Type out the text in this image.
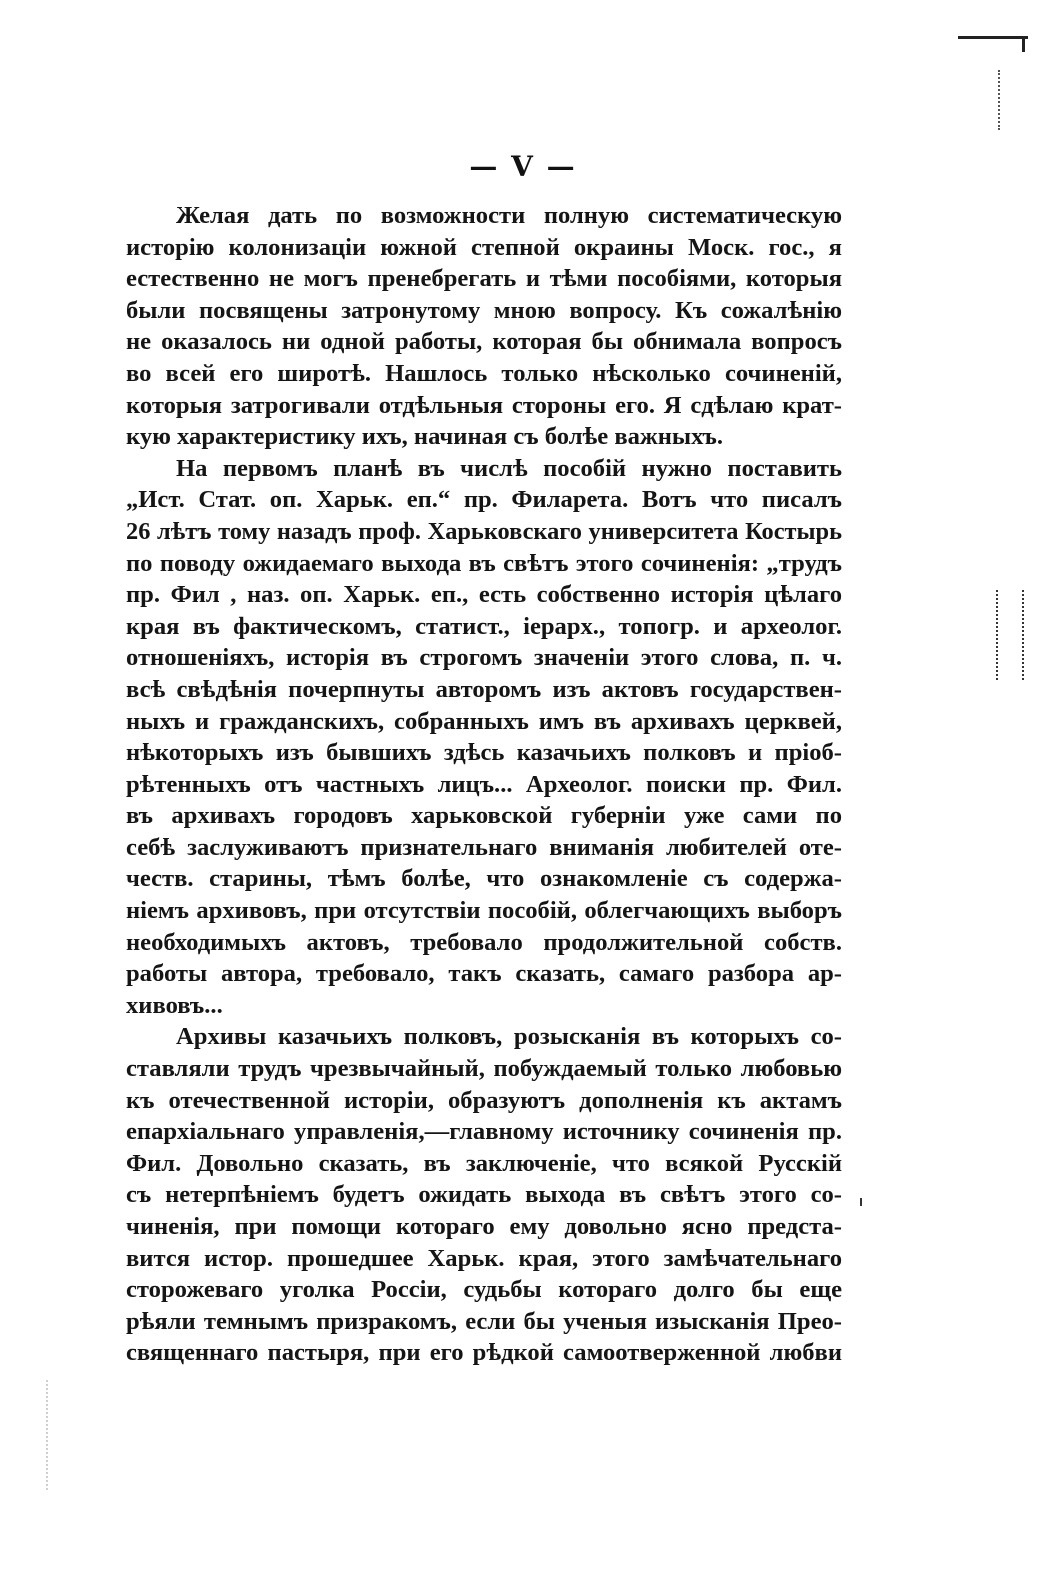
— V —
Желая дать по возможности полную систематическую
исторію колонизаціи южной степной окраины Моск. гос., я
естественно не могъ пренебрегать и тѣми пособіями, которыя
были посвящены затронутому мною вопросу. Къ сожалѣнію
не оказалось ни одной работы, которая бы обнимала вопросъ
во всей его широтѣ. Нашлось только нѣсколько сочиненій,
которыя затрогивали отдѣльныя стороны его. Я сдѣлаю крат-
кую характеристику ихъ, начиная съ болѣе важныхъ.
На первомъ планѣ въ числѣ пособій нужно поставить
„Ист. Стат. оп. Харьк. еп.“ пр. Филарета. Вотъ что писалъ
26 лѣтъ тому назадъ проф. Харьковскаго университета Костырь
по поводу ожидаемаго выхода въ свѣтъ этого сочиненія: „трудъ
пр. Фил , наз. оп. Харьк. еп., есть собственно исторія цѣлаго
края въ фактическомъ, статист., іерарх., топогр. и археолог.
отношеніяхъ, исторія въ строгомъ значеніи этого слова, п. ч.
всѣ свѣдѣнія почерпнуты авторомъ изъ актовъ государствен-
ныхъ и гражданскихъ, собранныхъ имъ въ архивахъ церквей,
нѣкоторыхъ изъ бывшихъ здѣсь казачьихъ полковъ и пріоб-
рѣтенныхъ отъ частныхъ лицъ... Археолог. поиски пр. Фил.
въ архивахъ городовъ харьковской губерніи уже сами по
себѣ заслуживаютъ признательнаго вниманія любителей оте-
честв. старины, тѣмъ болѣе, что ознакомленіе съ содержа-
ніемъ архивовъ, при отсутствіи пособій, облегчающихъ выборъ
необходимыхъ актовъ, требовало продолжительной собств.
работы автора, требовало, такъ сказать, самаго разбора ар-
хивовъ...
Архивы казачьихъ полковъ, розысканія въ которыхъ со-
ставляли трудъ чрезвычайный, побуждаемый только любовью
къ отечественной исторіи, образуютъ дополненія къ актамъ
епархіальнаго управленія,—главному источнику сочиненія пр.
Фил. Довольно сказать, въ заключеніе, что всякой Русскій
съ нетерпѣніемъ будетъ ожидать выхода въ свѣтъ этого со-
чиненія, при помощи котораго ему довольно ясно предста-
вится истор. прошедшее Харьк. края, этого замѣчательнаго
сторожеваго уголка Россіи, судьбы котораго долго бы еще
рѣяли темнымъ призракомъ, если бы ученыя изысканія Прео-
священнаго пастыря, при его рѣдкой самоотверженной любви
